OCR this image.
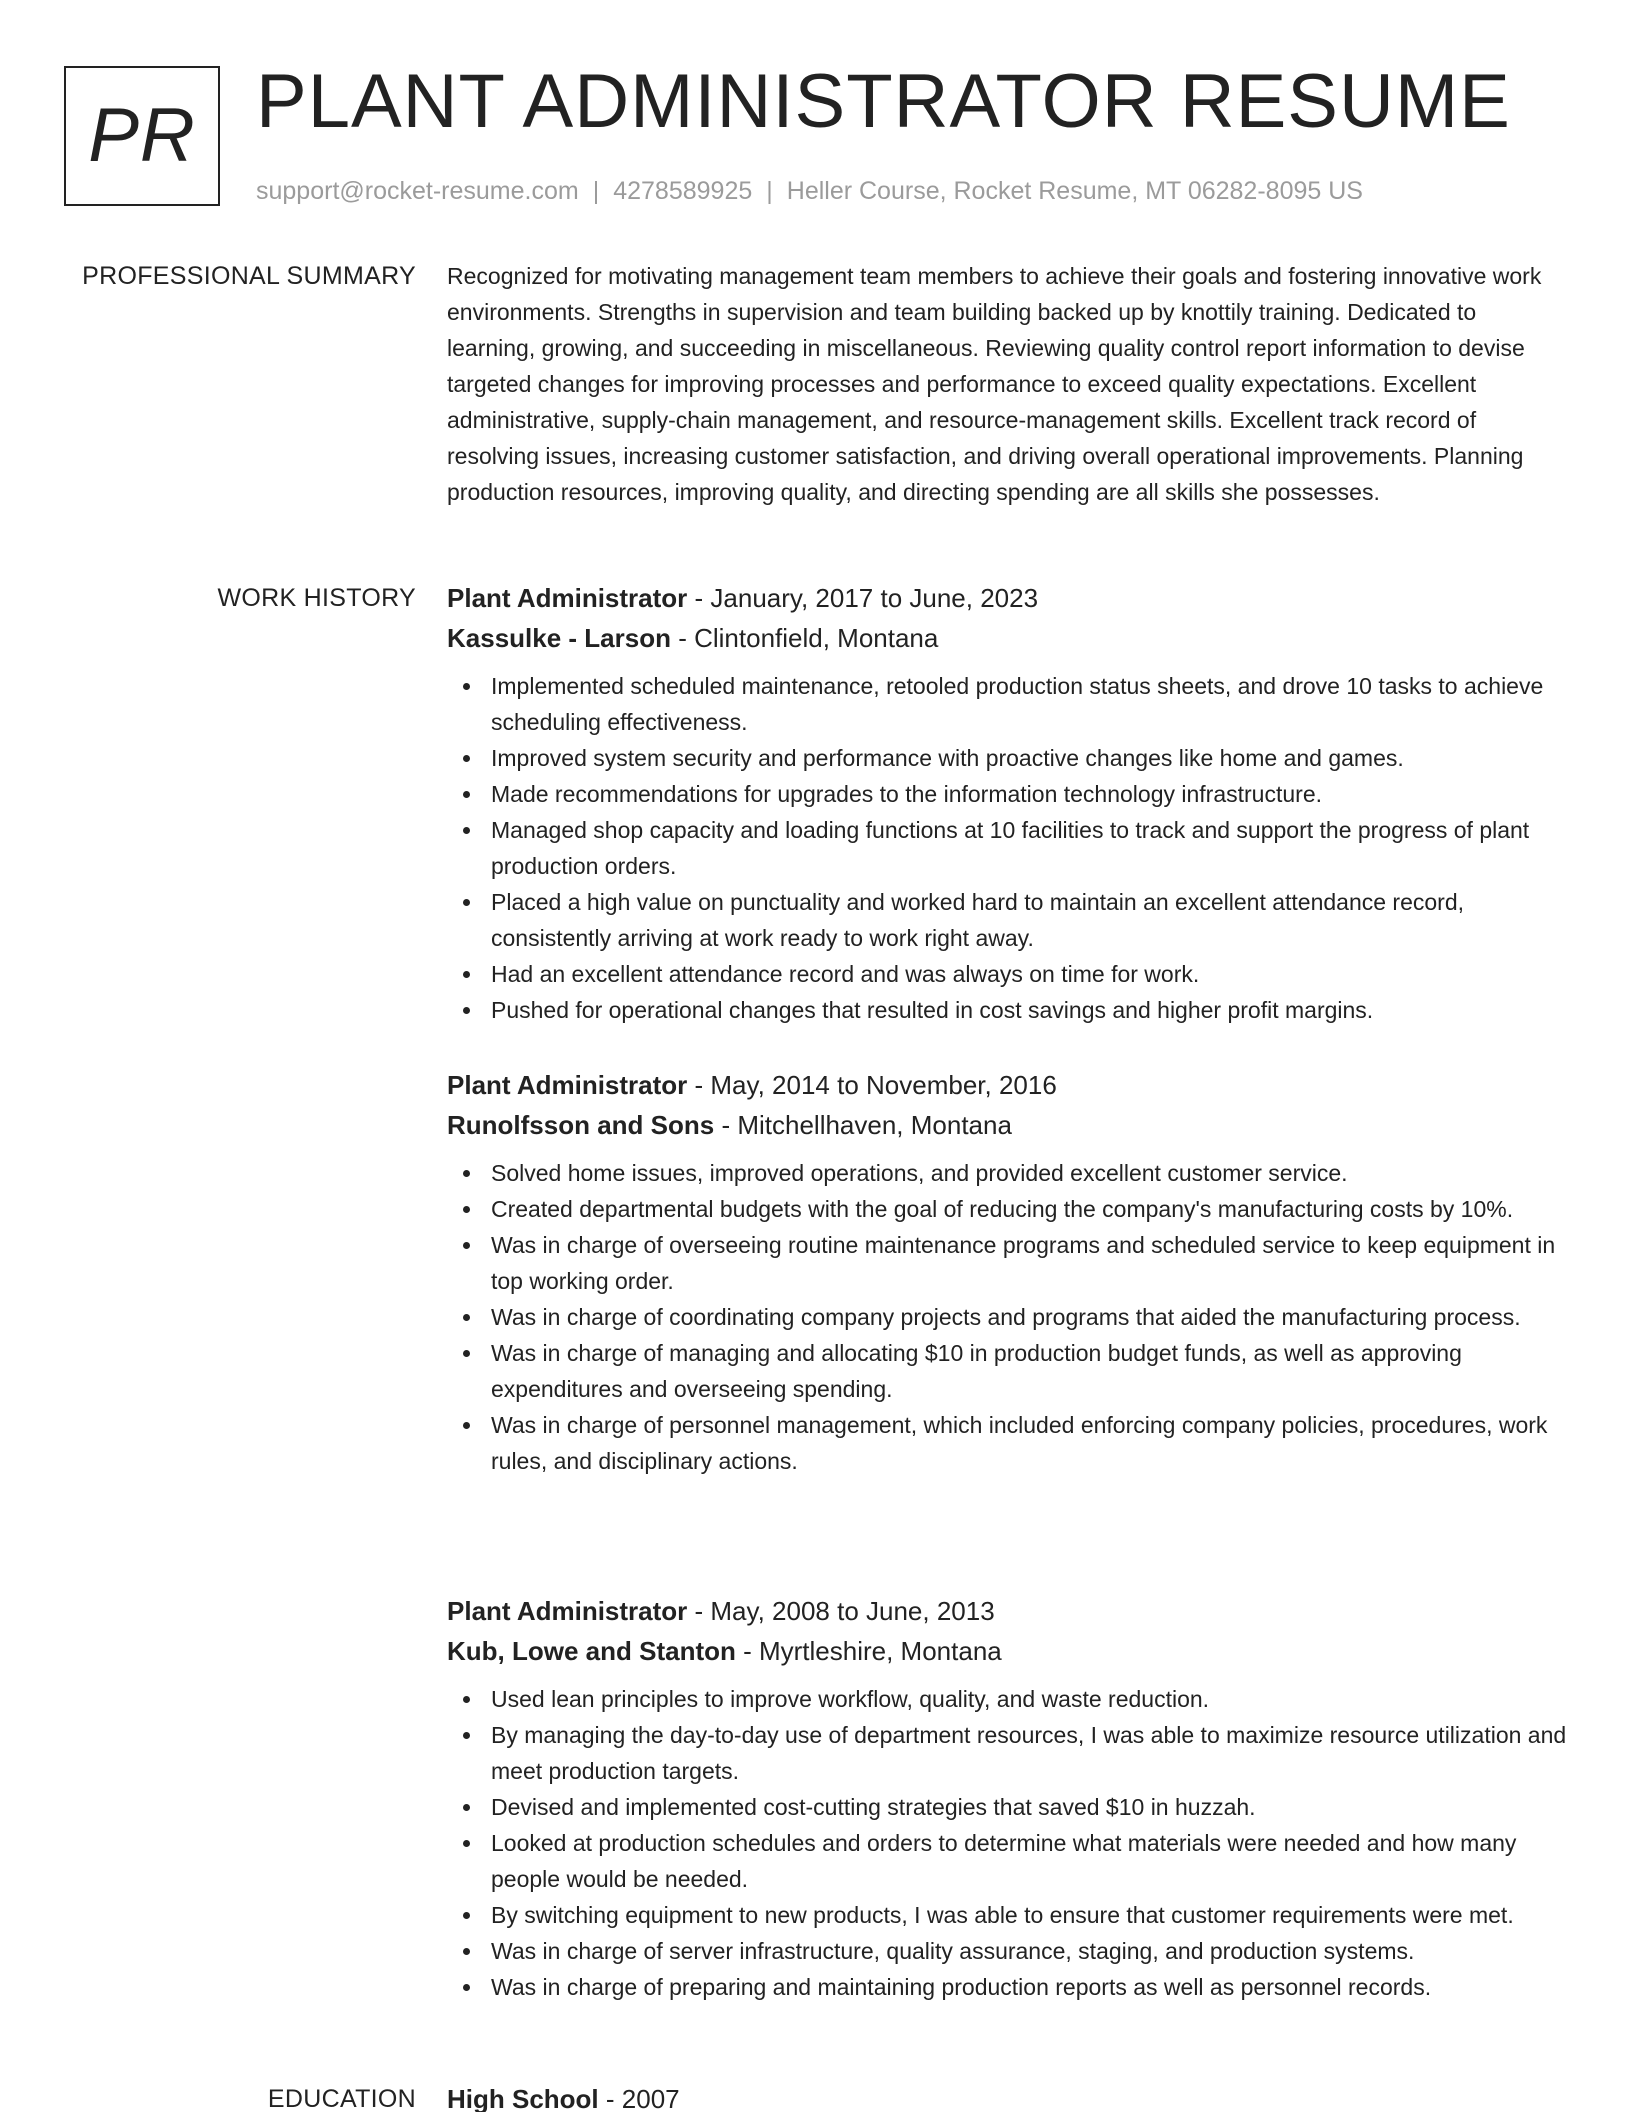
PR PLANT ADMINISTRATOR RESUME
support@rocket-resume.com | 4278589925 | Heller Course, Rocket Resume, MT 06282-8095 US
PROFESSIONAL SUMMARY Recognized for motivating management team members to achieve their goals and fostering innovative work environments. Strengths in supervision and team building backed up by knottily training. Dedicated to learning, growing, and succeeding in miscellaneous. Reviewing quality control report information to devise targeted changes for improving processes and performance to exceed quality expectations. Excellent administrative, supply-chain management, and resource-management skills. Excellent track record of resolving issues, increasing customer satisfaction, and driving overall operational improvements. Planning production resources, improving quality, and directing spending are all skills she possesses.

WORK HISTORY Plant Administrator - January, 2017 to June, 2023
Kassulke - Larson - Clintonfield, Montana
Implemented scheduled maintenance, retooled production status sheets, and drove 10 tasks to achieve scheduling effectiveness.
Improved system security and performance with proactive changes like home and games.
Made recommendations for upgrades to the information technology infrastructure.
Managed shop capacity and loading functions at 10 facilities to track and support the progress of plant production orders.
Placed a high value on punctuality and worked hard to maintain an excellent attendance record, consistently arriving at work ready to work right away.
Had an excellent attendance record and was always on time for work.
Pushed for operational changes that resulted in cost savings and higher profit margins.
Plant Administrator - May, 2014 to November, 2016
Runolfsson and Sons - Mitchellhaven, Montana
Solved home issues, improved operations, and provided excellent customer service.
Created departmental budgets with the goal of reducing the company's manufacturing costs by 10%.
Was in charge of overseeing routine maintenance programs and scheduled service to keep equipment in top working order.
Was in charge of coordinating company projects and programs that aided the manufacturing process.
Was in charge of managing and allocating $10 in production budget funds, as well as approving expenditures and overseeing spending.
Was in charge of personnel management, which included enforcing company policies, procedures, work rules, and disciplinary actions.
Plant Administrator - May, 2008 to June, 2013
Kub, Lowe and Stanton - Myrtleshire, Montana
Used lean principles to improve workflow, quality, and waste reduction.
By managing the day-to-day use of department resources, I was able to maximize resource utilization and meet production targets.
Devised and implemented cost-cutting strategies that saved $10 in huzzah.
Looked at production schedules and orders to determine what materials were needed and how many people would be needed.
By switching equipment to new products, I was able to ensure that customer requirements were met.
Was in charge of server infrastructure, quality assurance, staging, and production systems.
Was in charge of preparing and maintaining production reports as well as personnel records.
EDUCATION High School - 2007
